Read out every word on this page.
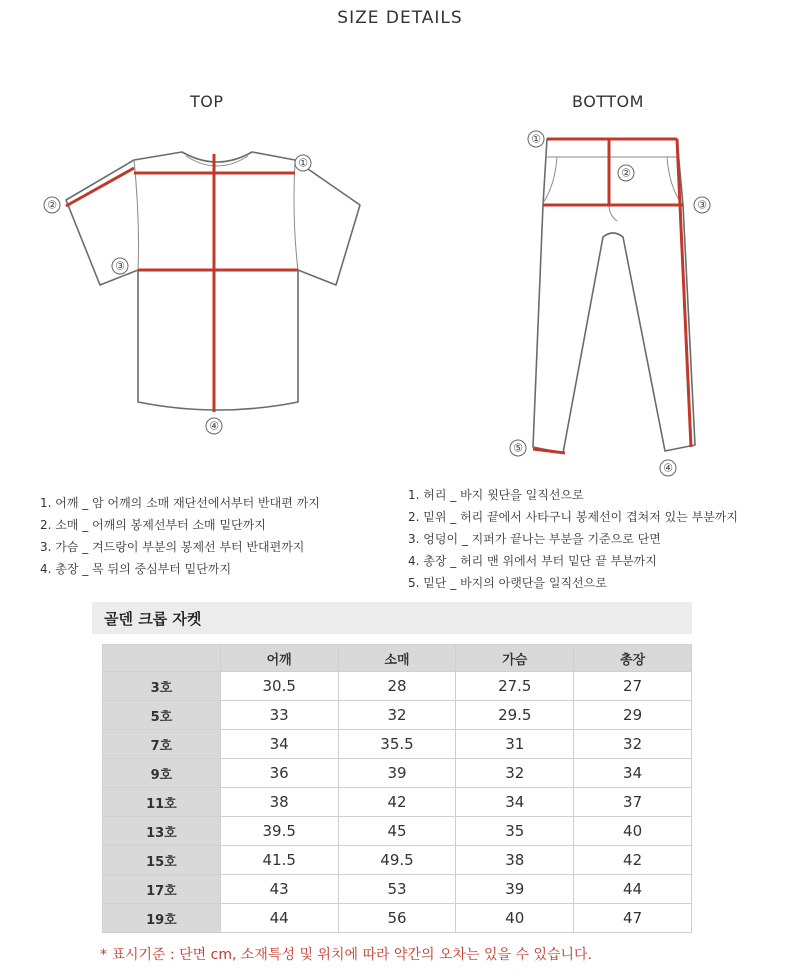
SIZE DETAILS
TOP	BOTTOM
①
②
③
④
①
②
③
④
⑤
1. 어깨 _ 암 어깨의 소매 재단선에서부터 반대편 까지
2. 소매 _ 어깨의 봉제선부터 소매 밑단까지
3. 가슴 _ 겨드랑이 부분의 봉제선 부터 반대편까지
4. 총장 _ 목 뒤의 중심부터 밑단까지
1. 허리 _ 바지 윗단을 일직선으로
2. 밑위 _ 허리 끝에서 사타구니 봉제선이 겹쳐저 있는 부분까지
3. 엉덩이 _ 지퍼가 끝나는 부분을 기준으로 단면
4. 총장 _ 허리 맨 위에서 부터 밑단 끝 부분까지
5. 밑단 _ 바지의 아랫단을 일직선으로
골덴 크롭 자켓
	어깨	소매	가슴	총장
3호	30.5	28	27.5	27
5호	33	32	29.5	29
7호	34	35.5	31	32
9호	36	39	32	34
11호	38	42	34	37
13호	39.5	45	35	40
15호	41.5	49.5	38	42
17호	43	53	39	44
19호	44	56	40	47
* 표시기준 : 단면 cm, 소재특성 및 위치에 따라 약간의 오차는 있을 수 있습니다.
